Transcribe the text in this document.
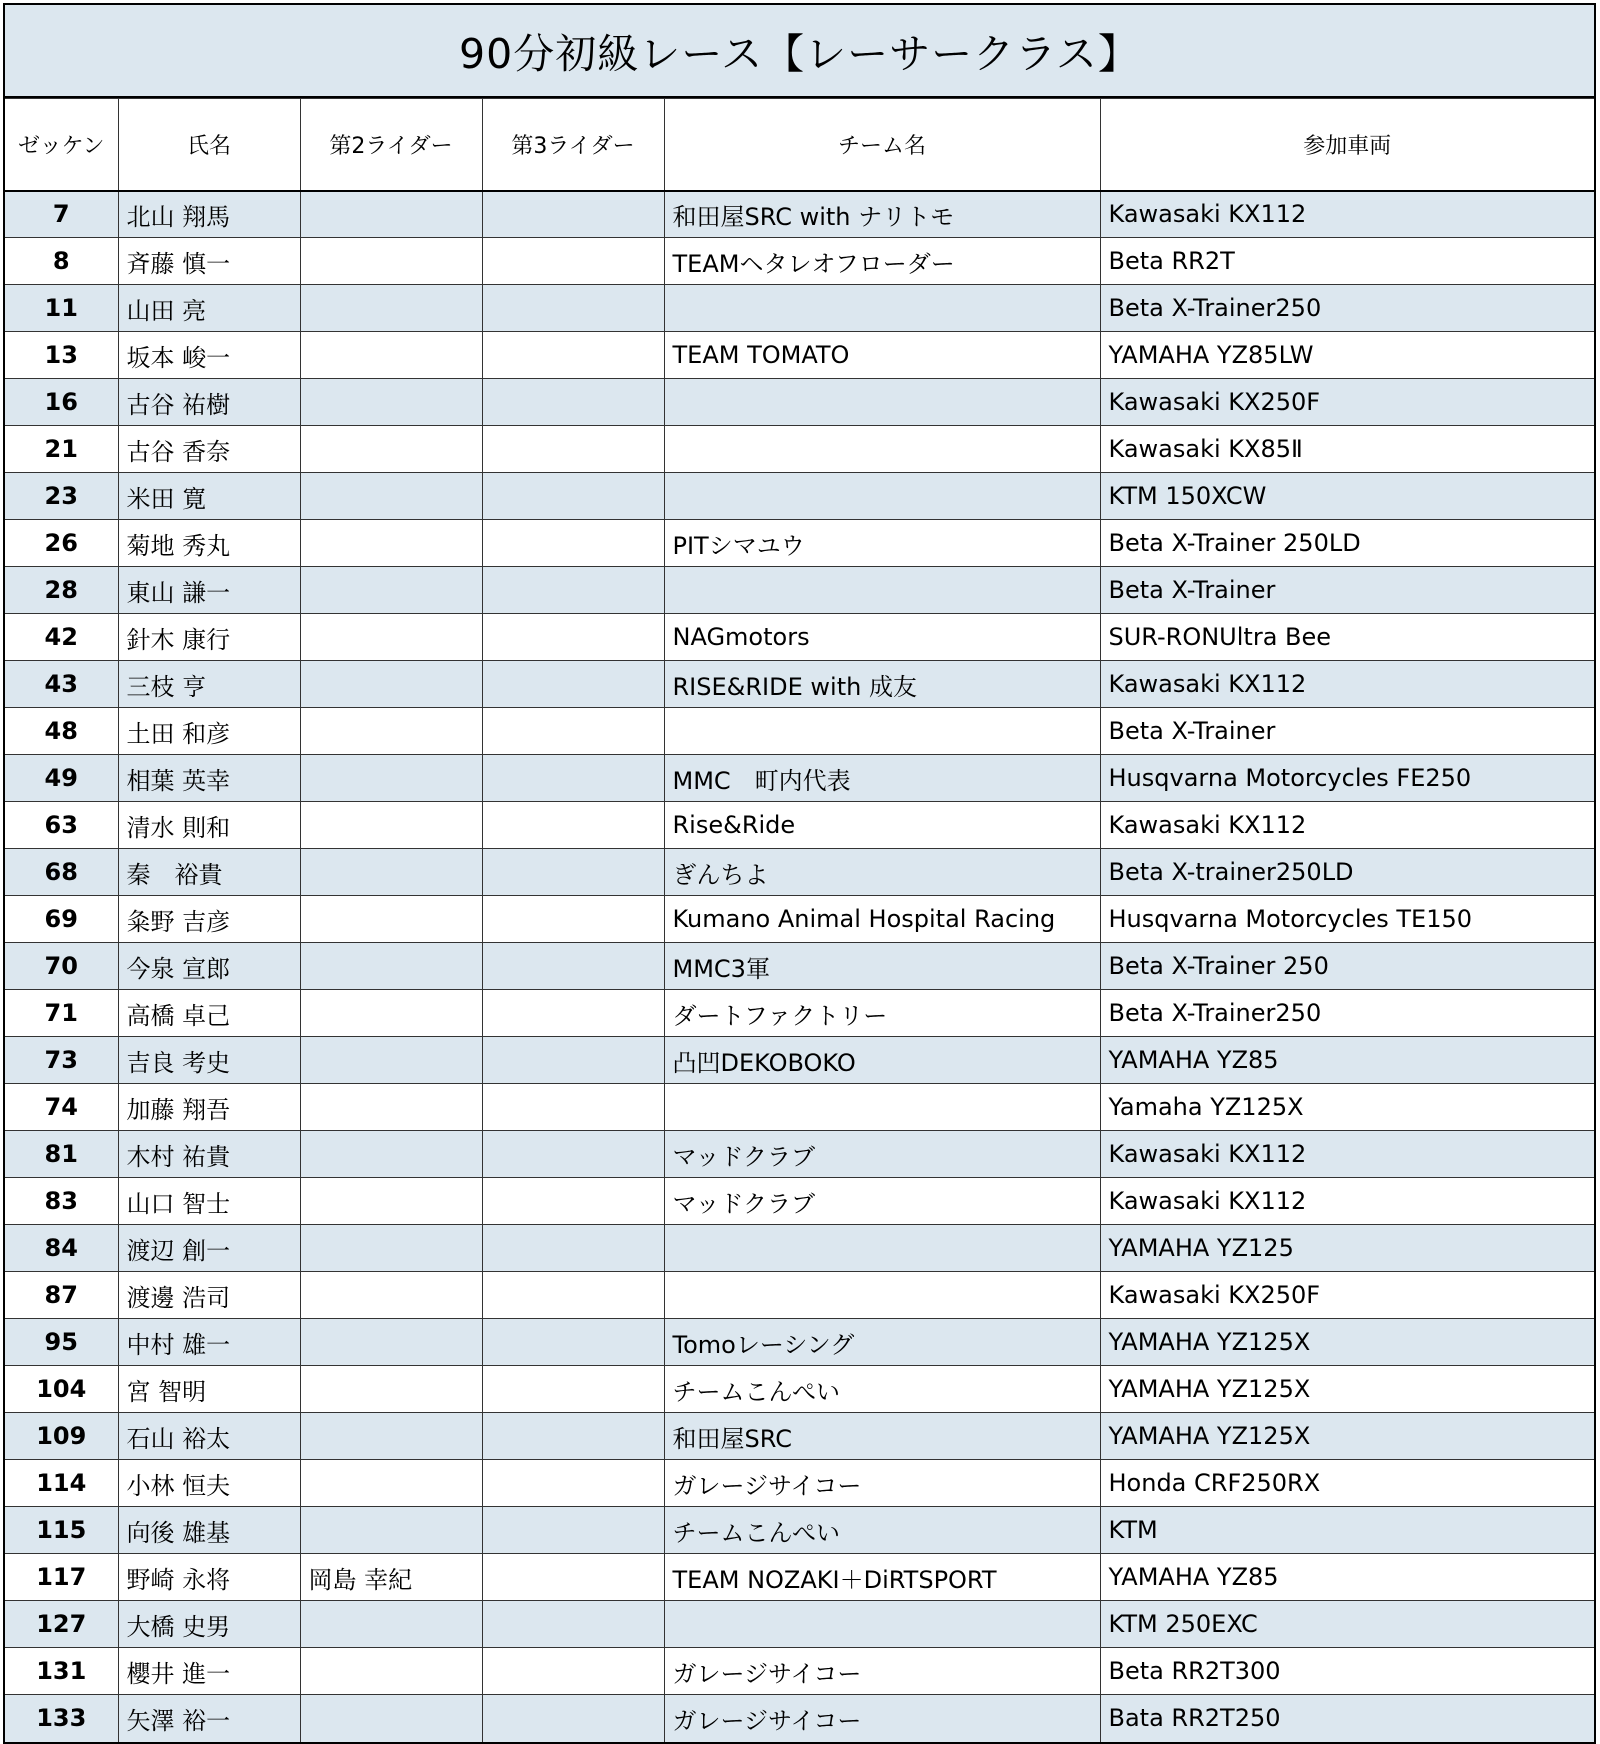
90分初級レース【レーサークラス】
ゼッケン	氏名	第2ライダー	第3ライダー	チーム名	参加車両
7	北山 翔馬			和田屋SRC with ナリトモ	Kawasaki KX112
8	斉藤 慎一			TEAMヘタレオフローダー	Beta RR2T
11	山田 亮				Beta X-Trainer250
13	坂本 峻一			TEAM TOMATO	YAMAHA YZ85LW
16	古谷 祐樹				Kawasaki KX250F
21	古谷 香奈				Kawasaki KX85Ⅱ
23	米田 寛				KTM 150XCW
26	菊地 秀丸			PITシマユウ	Beta X-Trainer 250LD
28	東山 謙一				Beta X-Trainer
42	針木 康行			NAGmotors	SUR-RONUltra Bee
43	三枝 亨			RISE&RIDE with 成友	Kawasaki KX112
48	土田 和彦				Beta X-Trainer
49	相葉 英幸			MMC　町内代表	Husqvarna Motorcycles FE250
63	清水 則和			Rise&Ride	Kawasaki KX112
68	秦　裕貴			ぎんちよ	Beta X-trainer250LD
69	粂野 吉彦			Kumano Animal Hospital Racing	Husqvarna Motorcycles TE150
70	今泉 宣郎			MMC3軍	Beta X-Trainer 250
71	高橋 卓己			ダートファクトリー	Beta X-Trainer250
73	吉良 考史			凸凹DEKOBOKO	YAMAHA YZ85
74	加藤 翔吾				Yamaha YZ125X
81	木村 祐貴			マッドクラブ	Kawasaki KX112
83	山口 智士			マッドクラブ	Kawasaki KX112
84	渡辺 創一				YAMAHA YZ125
87	渡邊 浩司				Kawasaki KX250F
95	中村 雄一			Tomoレーシング	YAMAHA YZ125X
104	宮 智明			チームこんぺい	YAMAHA YZ125X
109	石山 裕太			和田屋SRC	YAMAHA YZ125X
114	小林 恒夫			ガレージサイコー	Honda CRF250RX
115	向後 雄基			チームこんぺい	KTM
117	野崎 永将	岡島 幸紀		TEAM NOZAKI＋DiRTSPORT	YAMAHA YZ85
127	大橋 史男				KTM 250EXC
131	櫻井 進一			ガレージサイコー	Beta RR2T300
133	矢澤 裕一			ガレージサイコー	Bata RR2T250
